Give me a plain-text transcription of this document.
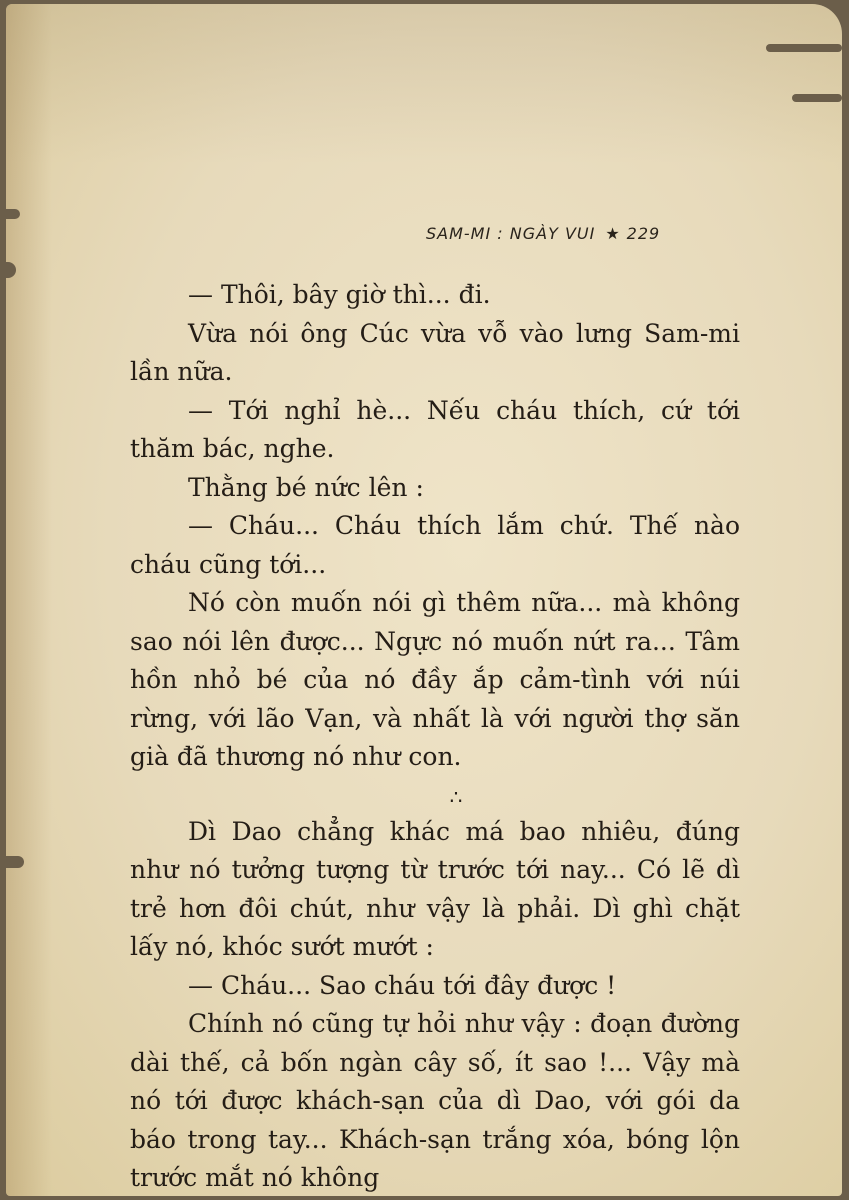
SAM-MI : NGÀY VUI ★ 229

— Thôi, bây giờ thì... đi.

Vừa nói ông Cúc vừa vỗ vào lưng Sam-mi lần nữa.

— Tới nghỉ hè... Nếu cháu thích, cứ tới thăm bác, nghe.

Thằng bé nức lên :

— Cháu... Cháu thích lắm chứ. Thế nào cháu cũng tới...

Nó còn muốn nói gì thêm nữa... mà không sao nói lên được... Ngực nó muốn nứt ra... Tâm hồn nhỏ bé của nó đầy ắp cảm-tình với núi rừng, với lão Vạn, và nhất là với người thợ săn già đã thương nó như con.

∴

Dì Dao chẳng khác má bao nhiêu, đúng như nó tưởng tượng từ trước tới nay... Có lẽ dì trẻ hơn đôi chút, như vậy là phải. Dì ghì chặt lấy nó, khóc sướt mướt :

— Cháu... Sao cháu tới đây được !

Chính nó cũng tự hỏi như vậy : đoạn đường dài thế, cả bốn ngàn cây số, ít sao !... Vậy mà nó tới được khách-sạn của dì Dao, với gói da báo trong tay... Khách-sạn trắng xóa, bóng lộn trước mắt nó không
